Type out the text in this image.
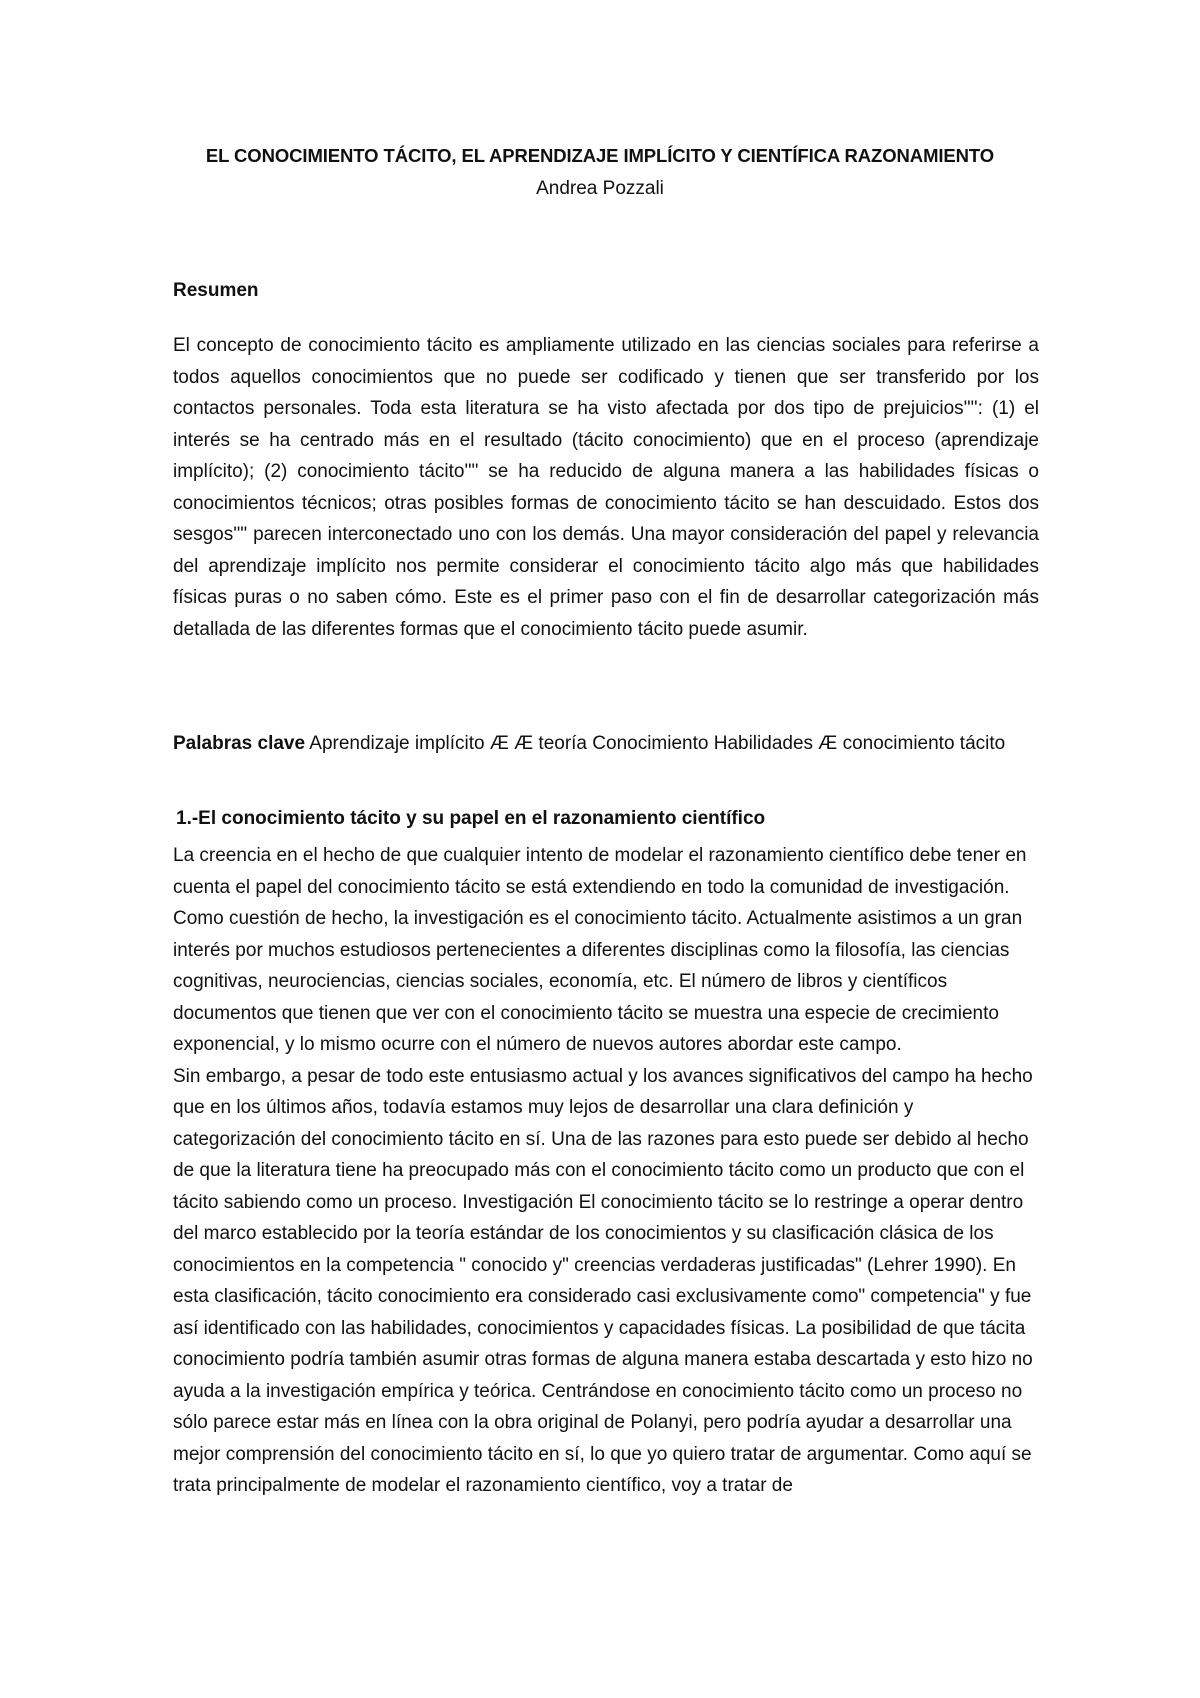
EL CONOCIMIENTO TÁCITO, EL APRENDIZAJE IMPLÍCITO Y CIENTÍFICA RAZONAMIENTO
Andrea Pozzali
Resumen

El concepto de conocimiento tácito es ampliamente utilizado en las ciencias sociales para referirse a todos aquellos conocimientos que no puede ser codificado y tienen que ser transferido por los contactos personales. Toda esta literatura se ha visto afectada por dos tipo de prejuicios'"': (1) el interés se ha centrado más en el resultado (tácito conocimiento) que en el proceso (aprendizaje implícito); (2) conocimiento tácito'"' se ha reducido de alguna manera a las habilidades físicas o conocimientos técnicos; otras posibles formas de conocimiento tácito se han descuidado. Estos dos sesgos'"' parecen interconectado uno con los demás. Una mayor consideración del papel y relevancia del aprendizaje implícito nos permite considerar el conocimiento tácito algo más que habilidades físicas puras o no saben cómo. Este es el primer paso con el fin de desarrollar categorización más detallada de las diferentes formas que el conocimiento tácito puede asumir.

Palabras clave Aprendizaje implícito Æ Æ teoría Conocimiento Habilidades Æ conocimiento tácito
1.-El conocimiento tácito y su papel en el razonamiento científico

La creencia en el hecho de que cualquier intento de modelar el razonamiento científico debe tener en cuenta el papel del conocimiento tácito se está extendiendo en todo la comunidad de investigación. Como cuestión de hecho, la investigación es el conocimiento tácito. Actualmente asistimos a un gran interés por muchos estudiosos pertenecientes a diferentes disciplinas como la filosofía, las ciencias cognitivas, neurociencias, ciencias sociales, economía, etc. El número de libros y científicos documentos que tienen que ver con el conocimiento tácito se muestra una especie de crecimiento exponencial, y lo mismo ocurre con el número de nuevos autores abordar este campo.

Sin embargo, a pesar de todo este entusiasmo actual y los avances significativos del campo ha hecho que en los últimos años, todavía estamos muy lejos de desarrollar una clara definición y categorización del conocimiento tácito en sí. Una de las razones para esto puede ser debido al hecho de que la literatura tiene ha preocupado más con el conocimiento tácito como un producto que con el tácito sabiendo como un proceso. Investigación El conocimiento tácito se lo restringe a operar dentro del marco establecido por la teoría estándar de los conocimientos y su clasificación clásica de los conocimientos en la competencia " conocido y" creencias verdaderas justificadas" (Lehrer 1990). En esta clasificación, tácito conocimiento era considerado casi exclusivamente como" competencia" y fue así identificado con las habilidades, conocimientos y capacidades físicas. La posibilidad de que tácita conocimiento podría también asumir otras formas de alguna manera estaba descartada y esto hizo no ayuda a la investigación empírica y teórica. Centrándose en conocimiento tácito como un proceso no sólo parece estar más en línea con la obra original de Polanyi, pero podría ayudar a desarrollar una mejor comprensión del conocimiento tácito en sí, lo que yo quiero tratar de argumentar. Como aquí se trata principalmente de modelar el razonamiento científico, voy a tratar de
